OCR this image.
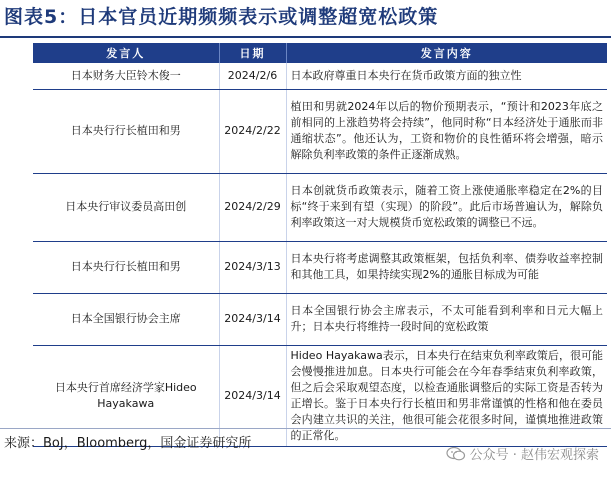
图表5：日本官员近期频频表示或调整超宽松政策
发言人	日期	发言内容
日本财务大臣铃木俊一	2024/2/6	日本政府尊重日本央行在货币政策方面的独立性
日本央行行长植田和男	2024/2/22	植田和男就2024年以后的物价预期表示，“预计和2023年底之前相同的上涨趋势将会持续”，他同时称“日本经济处于通胀而非通缩状态”。他还认为，工资和物价的良性循环将会增强，暗示解除负利率政策的条件正逐渐成熟。
日本央行审议委员高田创	2024/2/29	日本创就货币政策表示，随着工资上涨使通胀率稳定在2%的目标“终于来到有望（实现）的阶段”。此后市场普遍认为，解除负利率政策这一对大规模货币宽松政策的调整已不远。
日本央行行长植田和男	2024/3/13	日本央行将考虑调整其政策框架，包括负利率、债券收益率控制和其他工具，如果持续实现2%的通胀目标成为可能
日本全国银行协会主席	2024/3/14	日本全国银行协会主席表示，不太可能看到利率和日元大幅上升；日本央行将维持一段时间的宽松政策
日本央行首席经济学家Hideo Hayakawa	2024/3/14	Hideo Hayakawa表示，日本央行在结束负利率政策后，很可能会慢慢推进加息。日本央行可能会在今年春季结束负利率政策，但之后会采取观望态度，以检查通胀调整后的实际工资是否转为正增长。鉴于日本央行行长植田和男非常谨慎的性格和他在委员会内建立共识的关注，他很可能会花很多时间，谨慎地推进政策的正常化。
来源：BoJ，Bloomberg，国金证券研究所
公众号 · 赵伟宏观探索
